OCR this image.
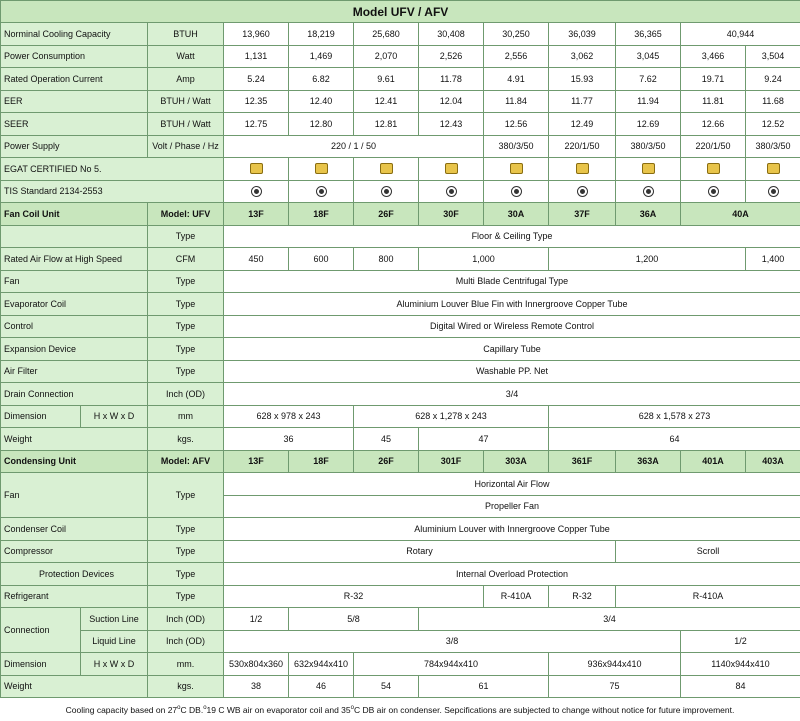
Model UFV / AFV											
Norminal Cooling Capacity		BTUH	13,960	18,219	25,680	30,408	30,250	36,039	36,365	40,944	
Power Consumption		Watt	1,131	1,469	2,070	2,526	2,556	3,062	3,045	3,466	3,504
Rated Operation Current		Amp	5.24	6.82	9.61	11.78	4.91	15.93	7.62	19.71	9.24
EER		BTUH / Watt	12.35	12.40	12.41	12.04	11.84	11.77	11.94	11.81	11.68
SEER		BTUH / Watt	12.75	12.80	12.81	12.43	12.56	12.49	12.69	12.66	12.52
Power Supply		Volt / Phase / Hz	220 / 1 / 50				380/3/50	220/1/50	380/3/50	220/1/50	380/3/50
EGAT CERTIFIED No 5.											
TIS Standard 2134-2553											
Fan Coil Unit		Model: UFV	13F	18F	26F	30F	30A	37F	36A	40A	
		Type	Floor & Ceiling Type								
Rated Air Flow at High Speed		CFM	450	600	800	1,000		1,200			1,400
Fan		Type	Multi Blade Centrifugal Type								
Evaporator Coil		Type	Aluminium Louver Blue Fin with Innergroove Copper Tube								
Control		Type	Digital Wired or Wireless Remote Control								
Expansion Device		Type	Capillary Tube								
Air Filter		Type	Washable PP. Net								
Drain Connection		Inch (OD)	3/4								
Dimension	H x W x D	mm	628 x 978 x 243		628 x 1,278 x 243			628 x 1,578 x 273			
Weight		kgs.	36		45	47		64			
Condensing Unit		Model: AFV	13F	18F	26F	301F	303A	361F	363A	401A	403A
Fan		Type	Horizontal Air Flow								
			Propeller Fan								
Condenser Coil		Type	Aluminium Louver with Innergroove Copper Tube								
Compressor		Type	Rotary						Scroll		
Protection Devices		Type	Internal Overload Protection								
Refrigerant		Type	R-32				R-410A	R-32	R-410A		
Connection	Suction Line	Inch (OD)	1/2	5/8		3/4					
	Liquid Line	Inch (OD)	3/8							1/2	
Dimension	H x W x D	mm.	530x804x360	632x944x410	784x944x410			936x944x410		1140x944x410	
Weight		kgs.	38	46	54	61		75		84	
Cooling capacity based on 27$^o$C DB.$^o$19 C WB air on evaporator coil and 35$^o$C DB air on condenser. Sepcifications are subjected to change without notice for future improvement.
